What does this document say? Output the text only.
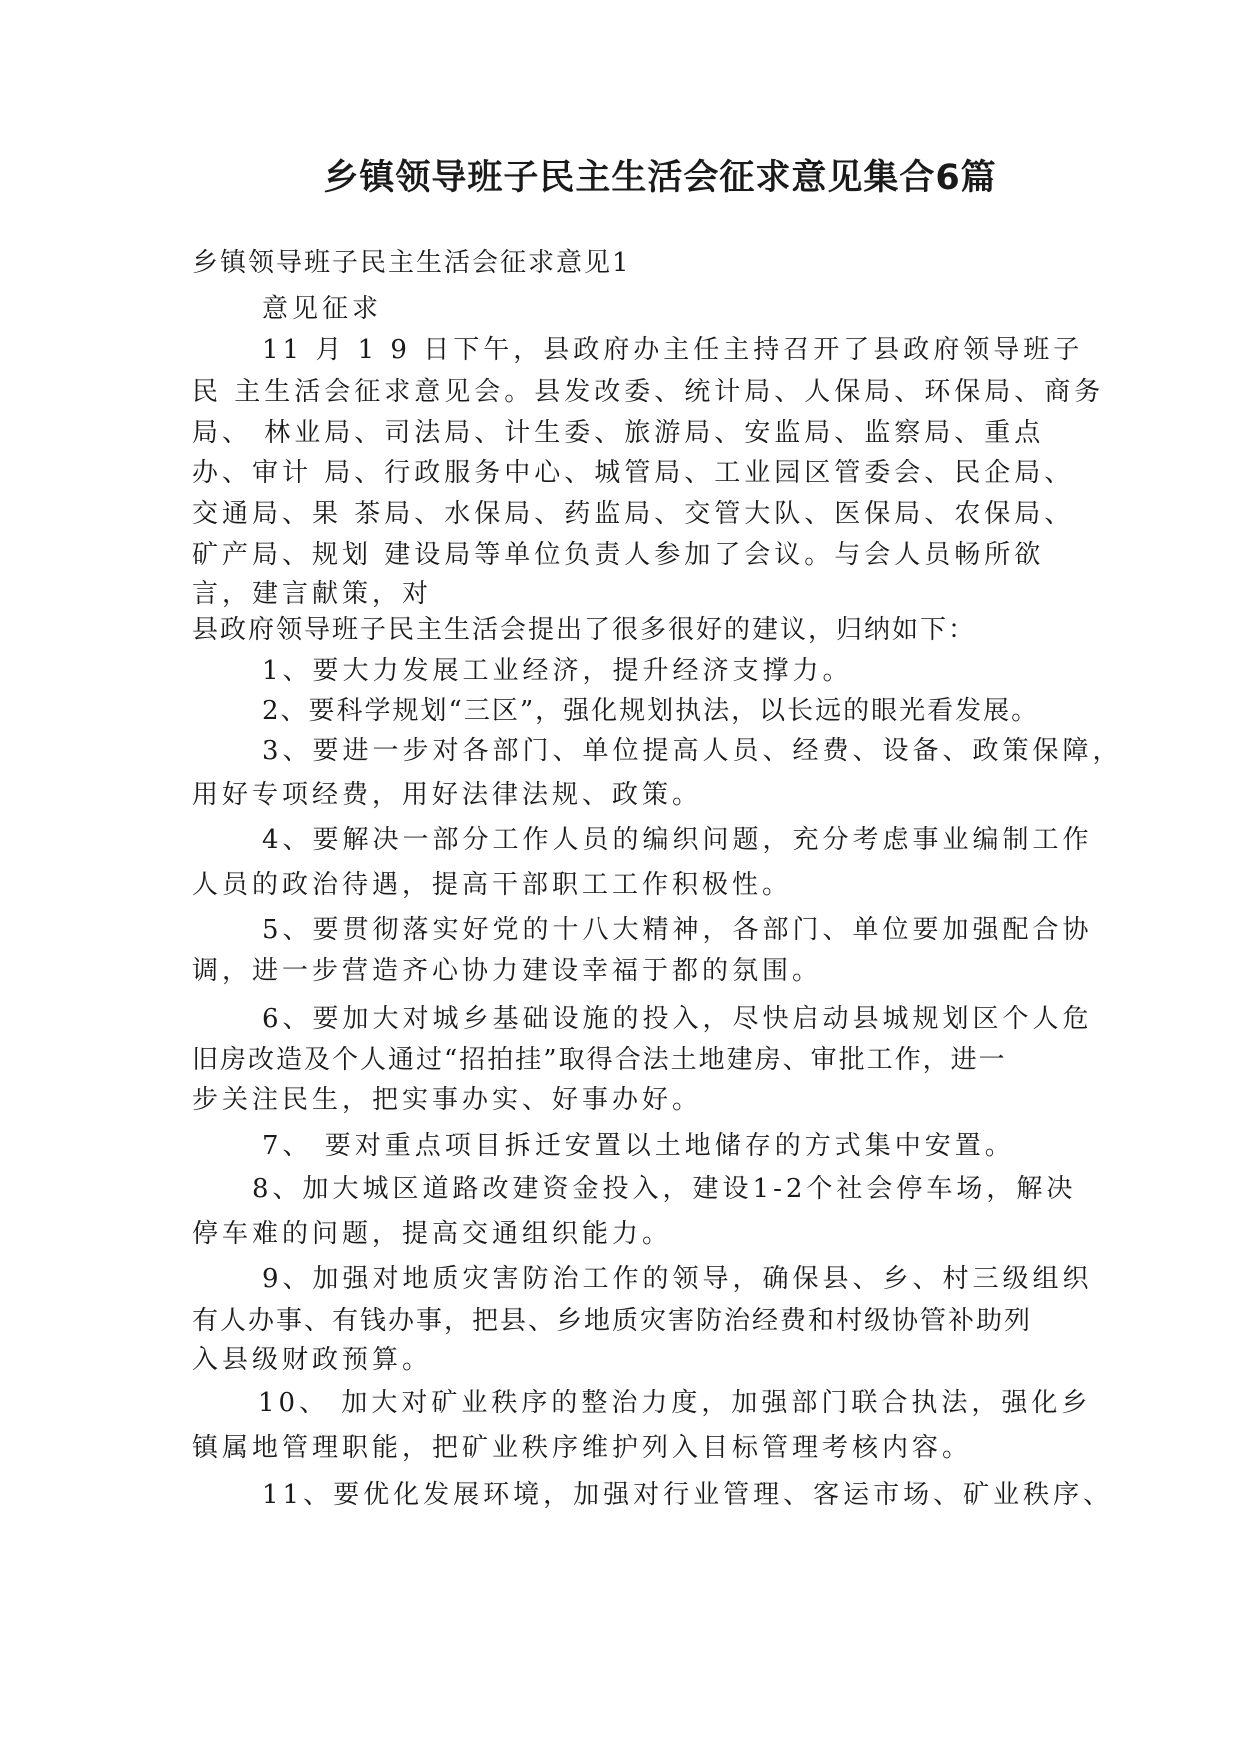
乡镇领导班子民主生活会征求意见集合6篇
乡镇领导班子民主生活会征求意见1
意见征求
11 月 1 9 日下午，县政府办主任主持召开了县政府领导班子
民 主生活会征求意见会。县发改委、统计局、人保局、环保局、商务
局、 林业局、司法局、计生委、旅游局、安监局、监察局、重点
办、审计 局、行政服务中心、城管局、工业园区管委会、民企局、
交通局、果 茶局、水保局、药监局、交管大队、医保局、农保局、
矿产局、规划 建设局等单位负责人参加了会议。与会人员畅所欲
言，建言献策，对
县政府领导班子民主生活会提出了很多很好的建议，归纳如下：
1、要大力发展工业经济，提升经济支撑力。
2、要科学规划“三区”，强化规划执法，以长远的眼光看发展。
3、要进一步对各部门、单位提高人员、经费、设备、政策保障，
用好专项经费，用好法律法规、政策。
4、要解决一部分工作人员的编织问题，充分考虑事业编制工作
人员的政治待遇，提高干部职工工作积极性。
5、要贯彻落实好党的十八大精神，各部门、单位要加强配合协
调，进一步营造齐心协力建设幸福于都的氛围。
6、要加大对城乡基础设施的投入，尽快启动县城规划区个人危
旧房改造及个人通过“招拍挂”取得合法土地建房、审批工作，进一
步关注民生，把实事办实、好事办好。
7、 要对重点项目拆迁安置以土地储存的方式集中安置。
8、加大城区道路改建资金投入，建设1-2个社会停车场，解决
停车难的问题，提高交通组织能力。
9、加强对地质灾害防治工作的领导，确保县、乡、村三级组织
有人办事、有钱办事，把县、乡地质灾害防治经费和村级协管补助列
入县级财政预算。
10、 加大对矿业秩序的整治力度，加强部门联合执法，强化乡
镇属地管理职能，把矿业秩序维护列入目标管理考核内容。
11、要优化发展环境，加强对行业管理、客运市场、矿业秩序、
